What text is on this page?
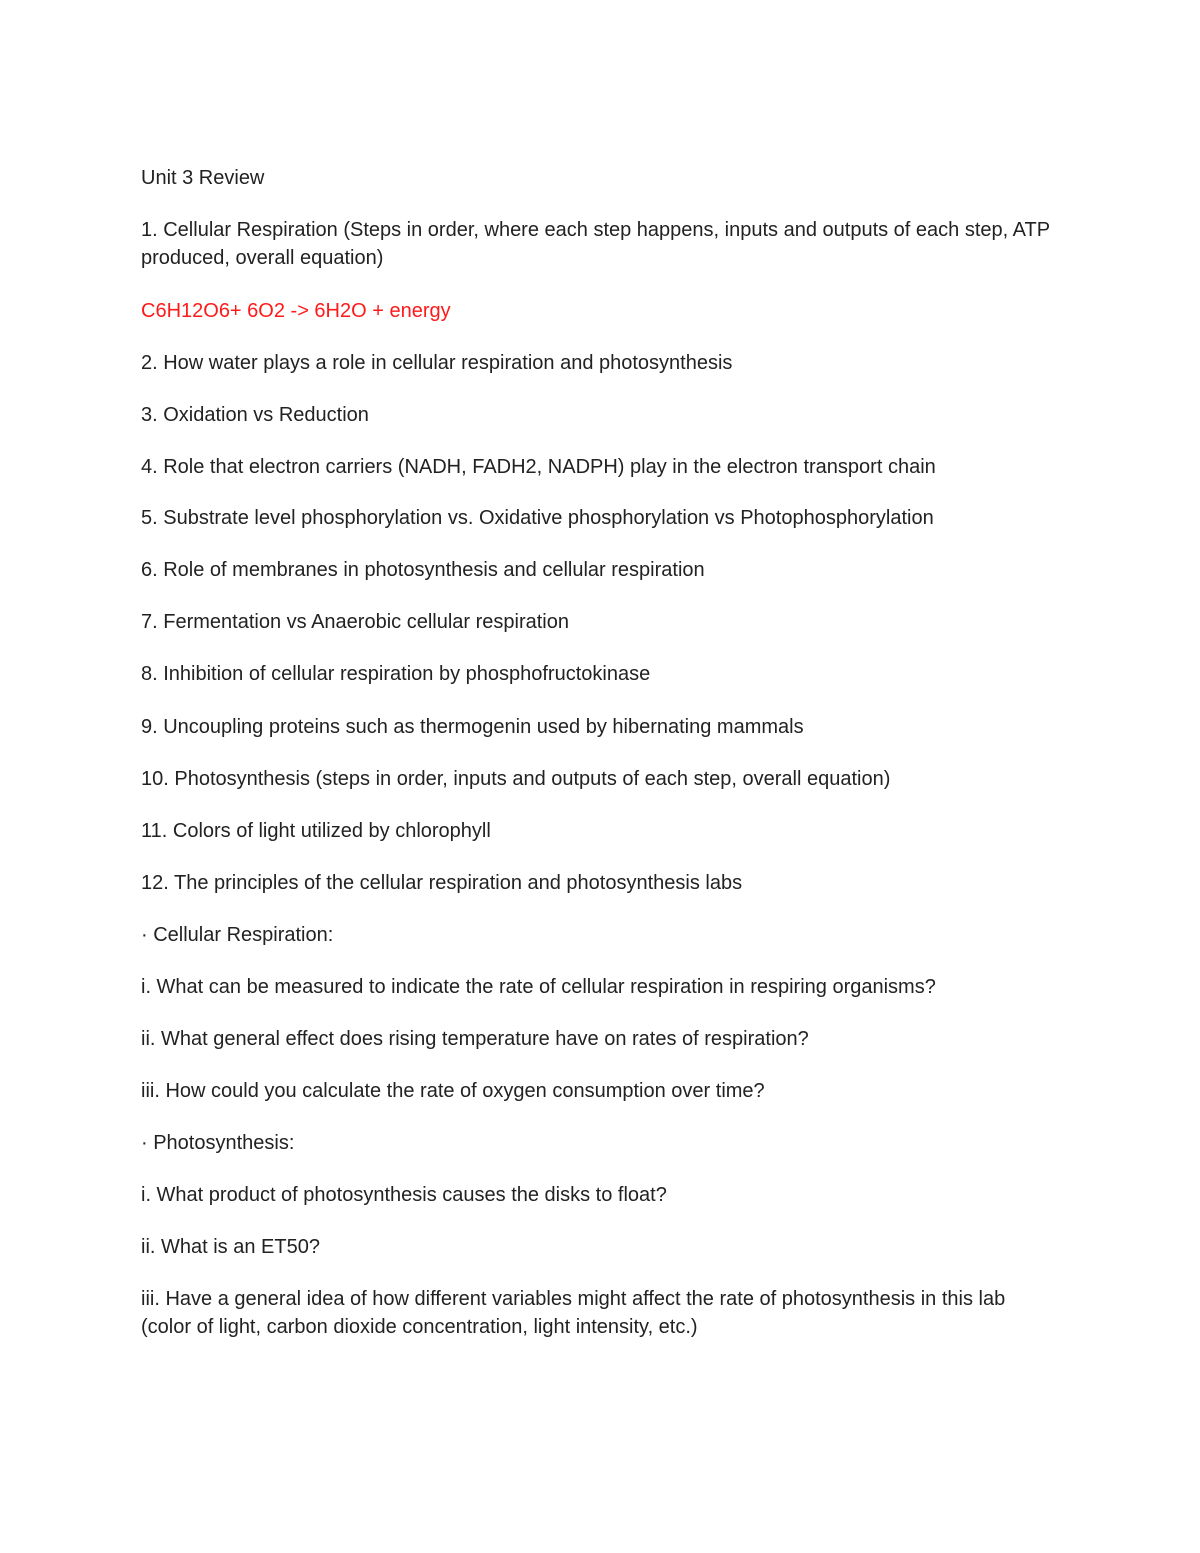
Unit 3 Review

1. Cellular Respiration (Steps in order, where each step happens, inputs and outputs of each step, ATP produced, overall equation)

C6H12O6+ 6O2 -> 6H2O + energy

2. How water plays a role in cellular respiration and photosynthesis

3. Oxidation vs Reduction

4. Role that electron carriers (NADH, FADH2, NADPH) play in the electron transport chain

5. Substrate level phosphorylation vs. Oxidative phosphorylation vs Photophosphorylation

6. Role of membranes in photosynthesis and cellular respiration

7. Fermentation vs Anaerobic cellular respiration

8. Inhibition of cellular respiration by phosphofructokinase

9. Uncoupling proteins such as thermogenin used by hibernating mammals

10. Photosynthesis (steps in order, inputs and outputs of each step, overall equation)

11. Colors of light utilized by chlorophyll

12. The principles of the cellular respiration and photosynthesis labs

· Cellular Respiration:

i. What can be measured to indicate the rate of cellular respiration in respiring organisms?

ii. What general effect does rising temperature have on rates of respiration?

iii. How could you calculate the rate of oxygen consumption over time?

· Photosynthesis:

i. What product of photosynthesis causes the disks to float?

ii. What is an ET50?

iii. Have a general idea of how different variables might affect the rate of photosynthesis in this lab (color of light, carbon dioxide concentration, light intensity, etc.)
